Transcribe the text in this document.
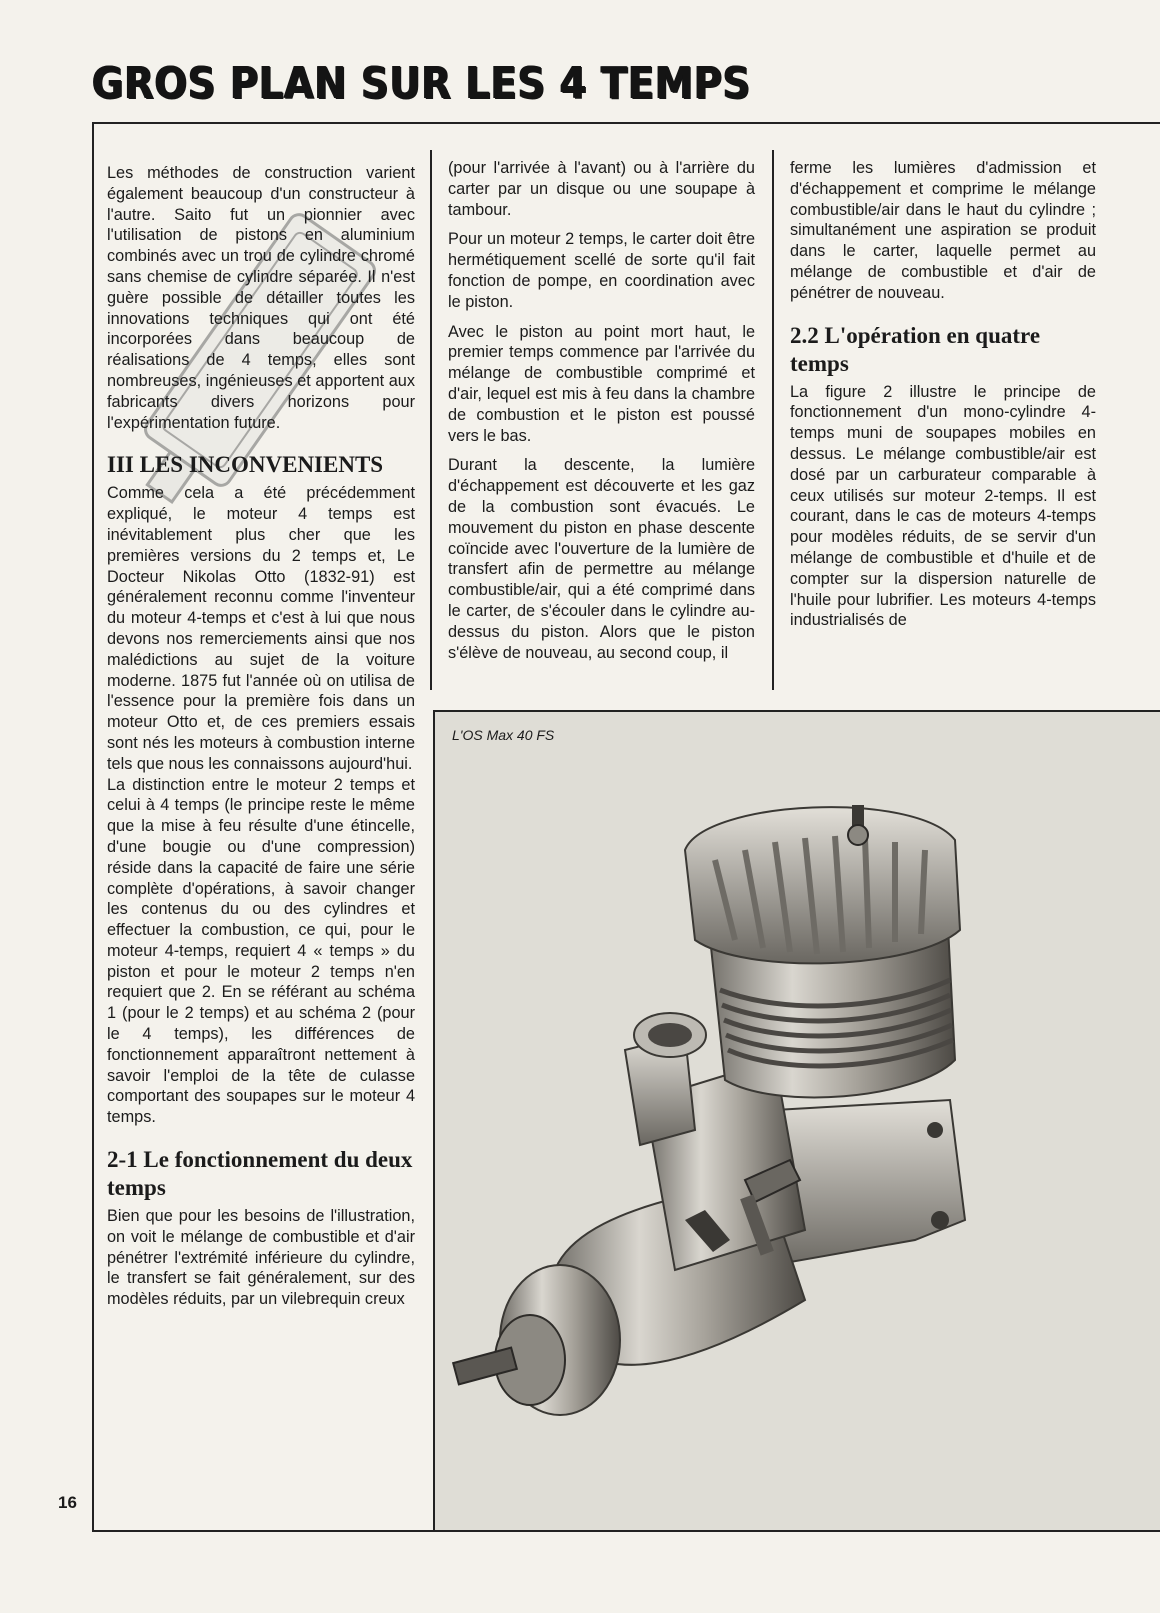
GROS PLAN SUR LES 4 TEMPS

Les méthodes de construction varient également beaucoup d'un constructeur à l'autre. Saito fut un pionnier avec l'utilisation de pistons en aluminium combinés avec un trou de cylindre chromé sans chemise de cylindre séparée. Il n'est guère possible de détailler toutes les innovations techniques qui ont été incorporées dans beaucoup de réalisations de 4 temps, elles sont nombreuses, ingénieuses et apportent aux fabricants divers horizons pour l'expérimentation future.

III LES INCONVENIENTS

Comme cela a été précédemment expliqué, le moteur 4 temps est inévitablement plus cher que les premières versions du 2 temps et, Le Docteur Nikolas Otto (1832-91) est généralement reconnu comme l'inventeur du moteur 4-temps et c'est à lui que nous devons nos remerciements ainsi que nos malédictions au sujet de la voiture moderne. 1875 fut l'année où on utilisa de l'essence pour la première fois dans un moteur Otto et, de ces premiers essais sont nés les moteurs à combustion interne tels que nous les connaissons aujourd'hui.

La distinction entre le moteur 2 temps et celui à 4 temps (le principe reste le même que la mise à feu résulte d'une étincelle, d'une bougie ou d'une compression) réside dans la capacité de faire une série complète d'opérations, à savoir changer les contenus du ou des cylindres et effectuer la combustion, ce qui, pour le moteur 4-temps, requiert 4 « temps » du piston et pour le moteur 2 temps n'en requiert que 2. En se référant au schéma 1 (pour le 2 temps) et au schéma 2 (pour le 4 temps), les différences de fonctionnement apparaîtront nettement à savoir l'emploi de la tête de culasse comportant des soupapes sur le moteur 4 temps.

2-1 Le fonctionnement du deux temps

Bien que pour les besoins de l'illustration, on voit le mélange de combustible et d'air pénétrer l'extrémité inférieure du cylindre, le transfert se fait généralement, sur des modèles réduits, par un vilebrequin creux

(pour l'arrivée à l'avant) ou à l'arrière du carter par un disque ou une soupape à tambour.

Pour un moteur 2 temps, le carter doit être hermétiquement scellé de sorte qu'il fait fonction de pompe, en coordination avec le piston.

Avec le piston au point mort haut, le premier temps commence par l'arrivée du mélange de combustible comprimé et d'air, lequel est mis à feu dans la chambre de combustion et le piston est poussé vers le bas.

Durant la descente, la lumière d'échappement est découverte et les gaz de la combustion sont évacués. Le mouvement du piston en phase descente coïncide avec l'ouverture de la lumière de transfert afin de permettre au mélange combustible/air, qui a été comprimé dans le carter, de s'écouler dans le cylindre au-dessus du piston. Alors que le piston s'élève de nouveau, au second coup, il

ferme les lumières d'admission et d'échappement et comprime le mélange combustible/air dans le haut du cylindre ; simultanément une aspiration se produit dans le carter, laquelle permet au mélange de combustible et d'air de pénétrer de nouveau.

2.2 L'opération en quatre temps

La figure 2 illustre le principe de fonctionnement d'un mono-cylindre 4-temps muni de soupapes mobiles en dessus. Le mélange combustible/air est dosé par un carburateur comparable à ceux utilisés sur moteur 2-temps. Il est courant, dans le cas de moteurs 4-temps pour modèles réduits, de se servir d'un mélange de combustible et d'huile et de compter sur la dispersion naturelle de l'huile pour lubrifier. Les moteurs 4-temps industrialisés de

L'OS Max 40 FS
16
